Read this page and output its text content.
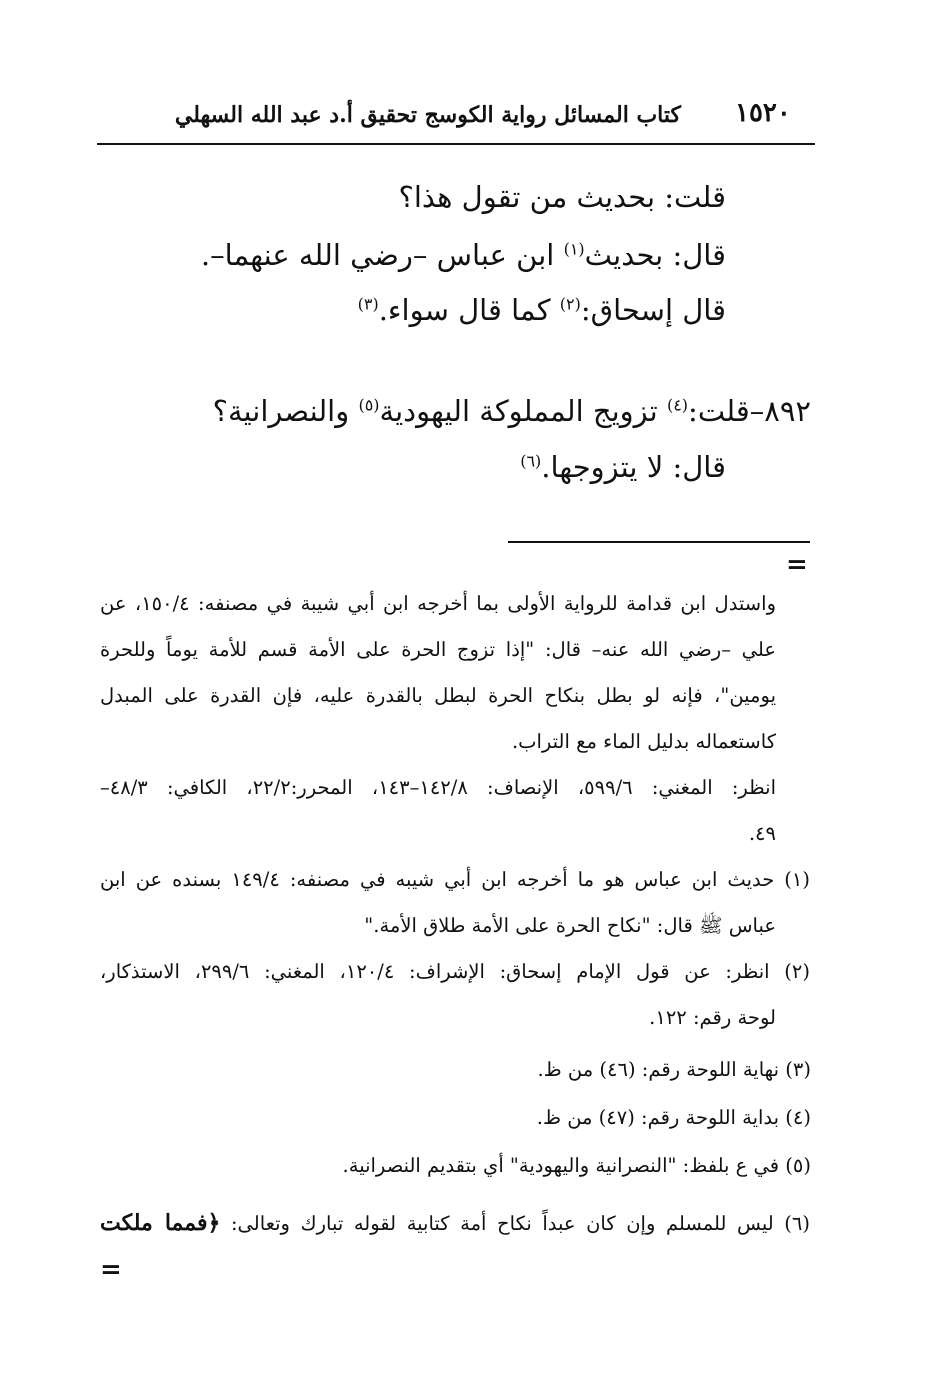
١٥٢٠
كتاب المسائل رواية الكوسج تحقيق أ.د عبد الله السهلي
قلت: بحديث من تقول هذا؟
قال: بحديث$^{(١)}$ ابن عباس –رضي الله عنهما–.
قال إسحاق:$^{(٢)}$ كما قال سواء.$^{(٣)}$
٨٩٢–قلت:$^{(٤)}$ تزويج المملوكة اليهودية$^{(٥)}$ والنصرانية؟
قال: لا يتزوجها.$^{(٦)}$
=
واستدل ابن قدامة للرواية الأولى بما أخرجه ابن أبي شيبة في مصنفه: ١٥٠/٤، عن
علي –رضي الله عنه– قال: "إذا تزوج الحرة على الأمة قسم للأمة يوماً وللحرة
يومين"، فإنه لو بطل بنكاح الحرة لبطل بالقدرة عليه، فإن القدرة على المبدل
كاستعماله بدليل الماء مع التراب.
انظر: المغني: ٥٩٩/٦، الإنصاف: ١٤٢/٨–١٤٣، المحرر:٢٢/٢، الكافي: ٤٨/٣–
٤٩.
(١) حديث ابن عباس هو ما أخرجه ابن أبي شيبه في مصنفه: ١٤٩/٤ بسنده عن ابن
عباس ﷺ قال: "نكاح الحرة على الأمة طلاق الأمة."
(٢) انظر: عن قول الإمام إسحاق: الإشراف: ١٢٠/٤، المغني: ٢٩٩/٦، الاستذكار،
لوحة رقم: ١٢٢.
(٣) نهاية اللوحة رقم: (٤٦) من ظ.
(٤) بداية اللوحة رقم: (٤٧) من ظ.
(٥) في ع بلفظ: "النصرانية واليهودية" أي بتقديم النصرانية.
(٦) ليس للمسلم وإن كان عبداً نكاح أمة كتابية لقوله تبارك وتعالى: ﴿فمما ملكت
=
